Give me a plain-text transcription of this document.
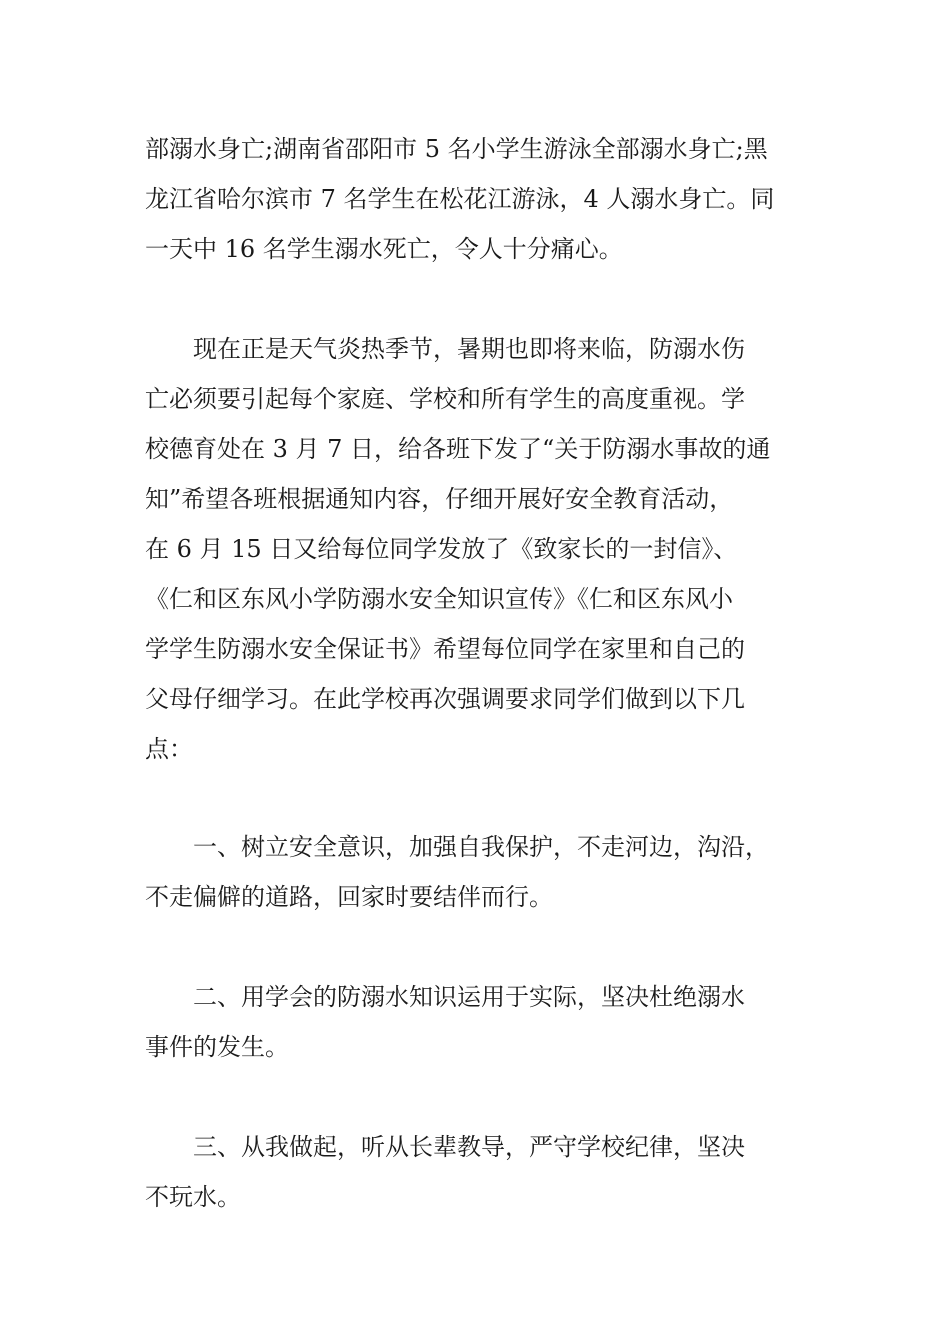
部溺水身亡;湖南省邵阳市 5 名小学生游泳全部溺水身亡;黑
龙江省哈尔滨市 7 名学生在松花江游泳，4 人溺水身亡。同
一天中 16 名学生溺水死亡，令人十分痛心。
　　现在正是天气炎热季节，暑期也即将来临，防溺水伤
亡必须要引起每个家庭、学校和所有学生的高度重视。学
校德育处在 3 月 7 日，给各班下发了“关于防溺水事故的通
知”希望各班根据通知内容，仔细开展好安全教育活动，
在 6 月 15 日又给每位同学发放了《致家长的一封信》、
《仁和区东风小学防溺水安全知识宣传》《仁和区东风小
学学生防溺水安全保证书》希望每位同学在家里和自己的
父母仔细学习。在此学校再次强调要求同学们做到以下几
点：
　　一、树立安全意识，加强自我保护，不走河边，沟沿，
不走偏僻的道路，回家时要结伴而行。
　　二、用学会的防溺水知识运用于实际，坚决杜绝溺水
事件的发生。
　　三、从我做起，听从长辈教导，严守学校纪律，坚决
不玩水。
